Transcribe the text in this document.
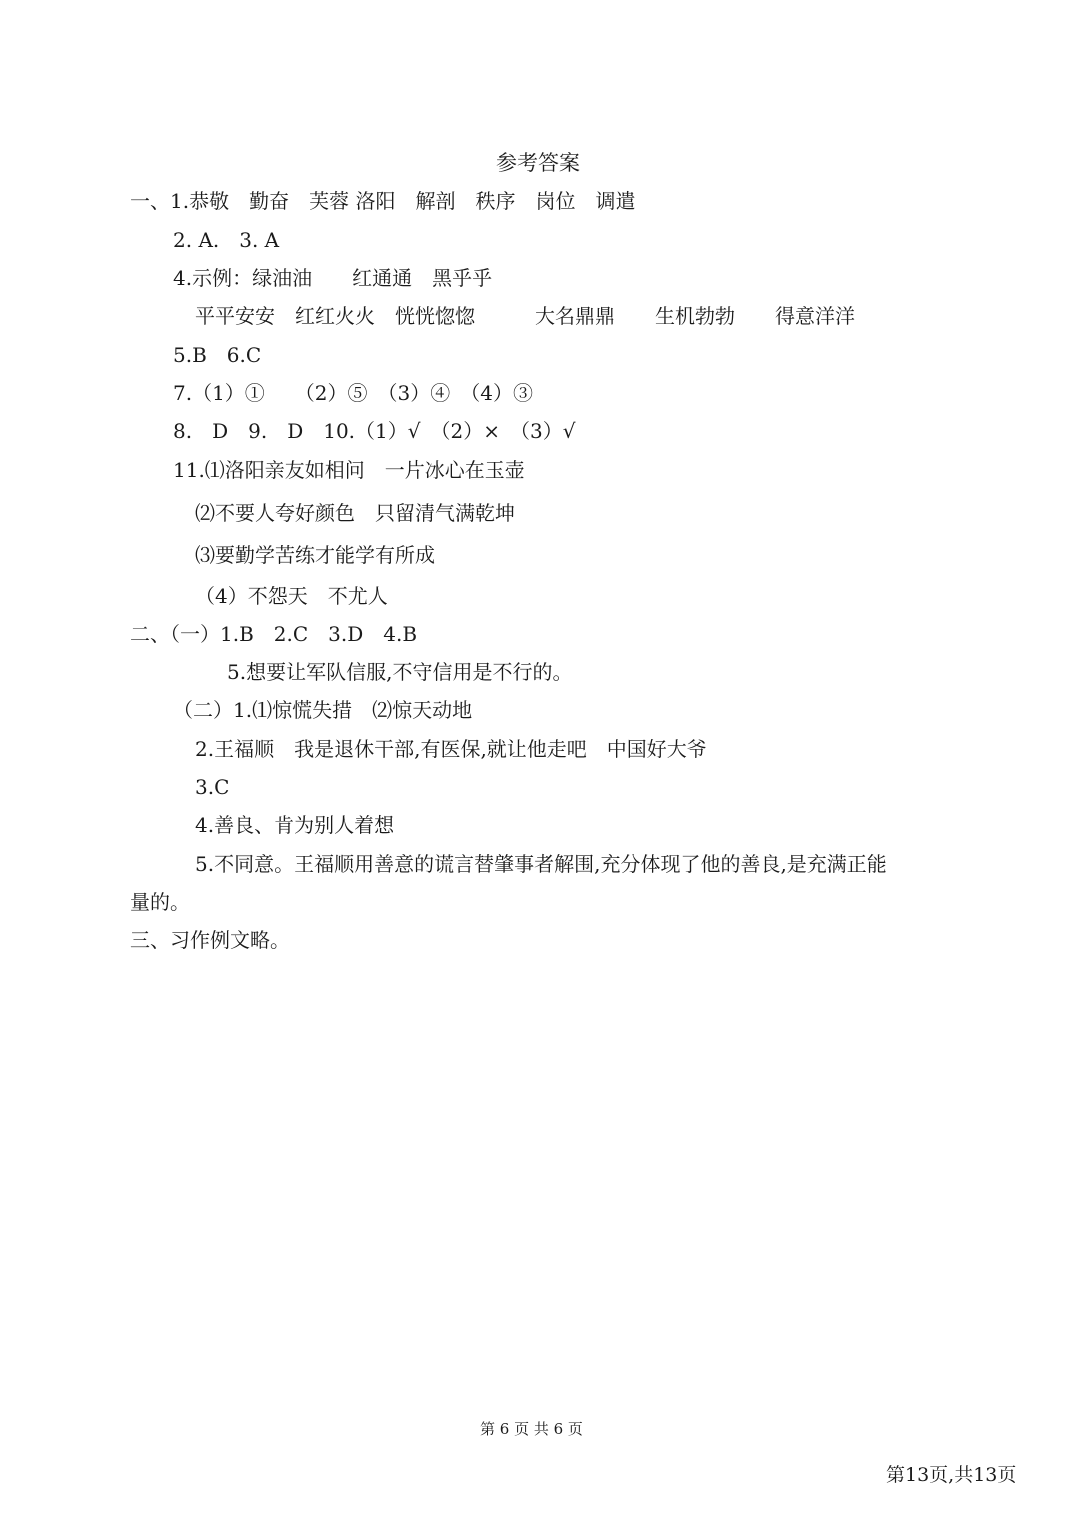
参考答案
一、1.恭敬　勤奋　芙蓉 洛阳　解剖　秩序　岗位　调遣
2. A.　3. A
4.示例：绿油油　　红通通　黑乎乎
平平安安　红红火火　恍恍惚惚　　　大名鼎鼎　　生机勃勃　　得意洋洋
5.B　6.C
7.（1）①　　（2）⑤　（3）④　（4）③
8.　D　9.　D　10.（1）√　（2）×　（3）√
11.⑴洛阳亲友如相问　一片冰心在玉壶
⑵不要人夸好颜色　只留清气满乾坤
⑶要勤学苦练才能学有所成
（4）不怨天　不尤人
二、（一）1.B　2.C　3.D　4.B
5.想要让军队信服,不守信用是不行的。
（二）1.⑴惊慌失措　⑵惊天动地
2.王福顺　我是退休干部,有医保,就让他走吧　中国好大爷
3.C
4.善良、肯为别人着想
5.不同意。王福顺用善意的谎言替肇事者解围,充分体现了他的善良,是充满正能
量的。
三、习作例文略。
第 6 页 共 6 页
第13页,共13页
